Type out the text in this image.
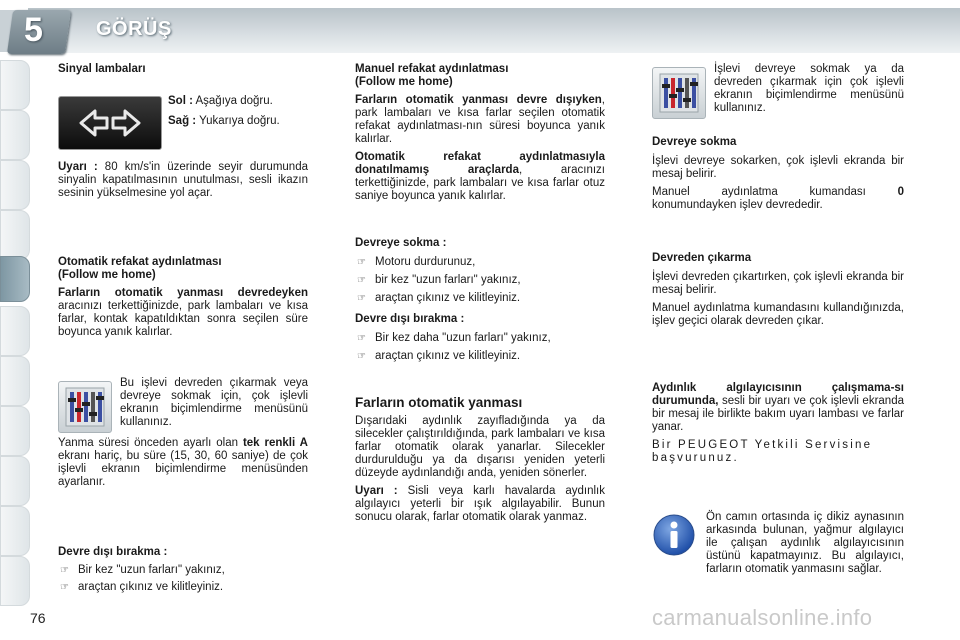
5	GÖRÜŞ

Sinyal lambaları

Sol : Aşağıya doğru.

Sağ : Yukarıya doğru.

Uyarı : 80 km/s'in üzerinde seyir durumunda sinyalin kapatılmasının unutulması, sesli ikazın sesinin yükselmesine yol açar.

Otomatik refakat aydınlatması

(Follow me home)

Farların otomatik yanması devredeyken aracınızı terkettiğinizde, park lambaları ve kısa farlar, kontak kapatıldıktan sonra seçilen süre boyunca yanık kalırlar.

Bu işlevi devreden çıkarmak veya devreye sokmak için, çok işlevli ekranın biçimlendirme menüsünü kullanınız.

Yanma süresi önceden ayarlı olan tek renkli A ekranı hariç, bu süre (15, 30, 60 saniye) de çok işlevli ekranın biçimlendirme menüsünden ayarlanır.

Devre dışı bırakma :

☞ Bir kez "uzun farları" yakınız,

☞ araçtan çıkınız ve kilitleyiniz.

Manuel refakat aydınlatması

(Follow me home)

Farların otomatik yanması devre dışıyken, park lambaları ve kısa farlar seçilen otomatik refakat aydınlatması-nın süresi boyunca yanık kalırlar.

Otomatik refakat aydınlatmasıyla donatılmamış araçlarda, aracınızı terkettiğinizde, park lambaları ve kısa farlar otuz saniye boyunca yanık kalırlar.

Devreye sokma :

☞ Motoru durdurunuz,

☞ bir kez "uzun farları" yakınız,

☞ araçtan çıkınız ve kilitleyiniz.

Devre dışı bırakma :

☞ Bir kez daha "uzun farları" yakınız,

☞ araçtan çıkınız ve kilitleyiniz.

Farların otomatik yanması

Dışarıdaki aydınlık zayıfladığında ya da silecekler çalıştırıldığında, park lambaları ve kısa farlar otomatik olarak yanarlar. Silecekler durdurulduğu ya da dışarısı yeniden yeterli düzeyde aydınlandığı anda, yeniden sönerler.

Uyarı : Sisli veya karlı havalarda aydınlık algılayıcı yeterli bir ışık algılayabilir. Bunun sonucu olarak, farlar otomatik olarak yanmaz.

İşlevi devreye sokmak ya da devreden çıkarmak için çok işlevli ekranın biçimlendirme menüsünü kullanınız.

Devreye sokma

İşlevi devreye sokarken, çok işlevli ekranda bir mesaj belirir.

Manuel aydınlatma kumandası 0 konumundayken işlev devrededir.

Devreden çıkarma

İşlevi devreden çıkartırken, çok işlevli ekranda bir mesaj belirir.

Manuel aydınlatma kumandasını kullandığınızda, işlev geçici olarak devreden çıkar.

Aydınlık algılayıcısının çalışmama-sı durumunda, sesli bir uyarı ve çok işlevli ekranda bir mesaj ile birlikte bakım uyarı lambası ve farlar yanar.

Bir PEUGEOT Yetkili Servisine başvurunuz.

Ön camın ortasında iç dikiz aynasının arkasında bulunan, yağmur algılayıcı ile çalışan aydınlık algılayıcısının üstünü kapatmayınız. Bu algılayıcı, farların otomatik yanmasını sağlar.

76	carmanualsonline.info
